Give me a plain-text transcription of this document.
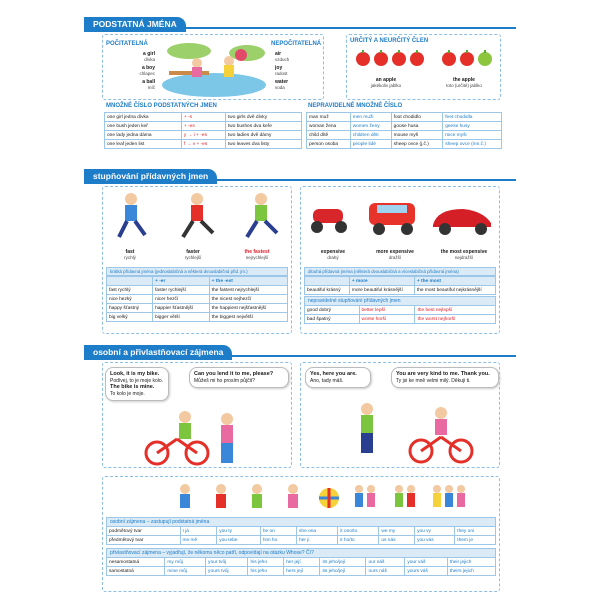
PODSTATNÁ JMÉNA
POČITATELNÁ	NEPOČITATELNÁ
a girl
dívka
a boy
chlapec
a ball
míč
air
vzduch
joy
radost
water
voda
URČITÝ A NEURČITÝ ČLEN
an apple
jakékoliv jablko
the apple
toto (určité) jablko
MNOŽNÉ ČÍSLO PODSTATNÝCH JMEN
one girl jedna dívka	+ -s	two girls dvě dívky
one bush jeden keř	+ -es	two bushes dva keře
one lady jedna dáma	y → i + -es	two ladies dvě dámy
one leaf jeden list	f → v + -es	two leaves dva listy
NEPRAVIDELNÉ MNOŽNÉ ČÍSLO
man muž	men muži	foot chodidlo	feet chodidla
woman žena	women ženy	goose husa	geese husy
child dítě	children děti	mouse myš	mice myši
person osoba	people lidé	sheep ovce (j.č.)	sheep ovce (mn.č.)
stupňování přídavných jmen
fast
rychlý
faster
rychlejší
the fastest
nejrychlejší
krátká přídavná jména (jednoslabičná a některá dvouslabičná přid. jm.)
	+ -er	+ the -est
fast rychlý	faster rychlejší	the fastest nejrychlejší
nice hezký	nicer hezčí	the nicest nejhezčí
happy šťastný	happier šťastnější	the happiest nejšťastnější
big velký	bigger větší	the biggest největší
expensive
drahý
more expensive
dražší
the most expensive
nejdražší
dlouhá přídavná jména (některá dvouslabičná a víceslabičná přídavná jména)
	+ more	+ the most
beautiful krásný	more beautiful krásnější	the most beautiful nejkrásnější
nepravidelné stupňování přídavných jmen
good dobrý	better lepší	the best nejlepší
bad špatný	worse horší	the worst nejhorší
osobní a přivlastňovací zájmena
Look, it is my bike.
Podívej, to je moje kolo.
The bike is mine.
To kolo je moje.
Can you lend it to me, please?
Můžeš mi ho prosím půjčit?
Yes, here you are.
Ano, tady máš.
You are very kind to me. Thank you.
Ty jsi ke mně velmi milý. Děkuji ti.
osobní zájmena – zastupují podstatná jména
podmětový tvar	I já	you ty	he on	she ona	it ono/to	we my	you vy	they oni
předmětový tvar	me mě	you tebe	him ho	her ji	it ho/to	us nás	you vás	them je
přivlastňovací zájmena – vyjadřují, že někomu něco patří, odpovídají na otázku Whose? Čí?
nesamostatná	my můj	your tvůj	his jeho	her její	its jeho/její	our náš	your váš	their jejich
samostatná	mine můj	yours tvůj	his jeho	hers její	its jeho/její	ours náš	yours váš	theirs jejich
